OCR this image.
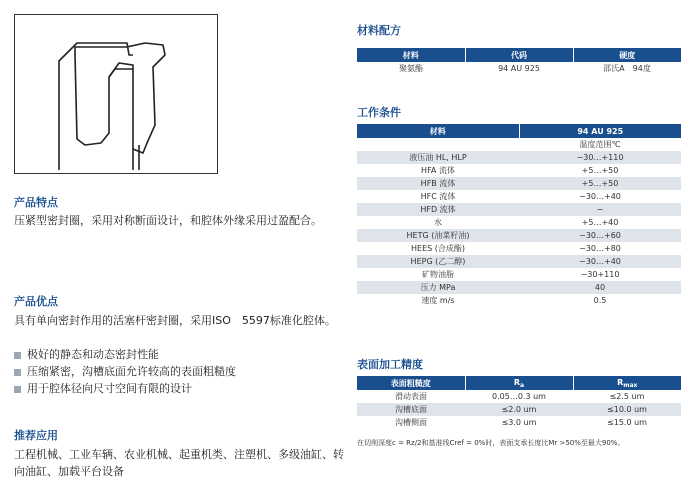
产品特点
压紧型密封圈，采用对称断面设计，和腔体外缘采用过盈配合。
产品优点
具有单向密封作用的活塞杆密封圈，采用ISO　5597标准化腔体。
极好的静态和动态密封性能
压缩紧密，沟槽底面允许较高的表面粗糙度
用于腔体径向尺寸空间有限的设计
推荐应用
工程机械、工业车辆、农业机械、起重机类、注塑机、多级油缸、转向油缸、加载平台设备
材料配方
材料	代码	硬度
聚氨酯	94 AU 925	邵氏A　94度
工作条件
材料	94 AU 925
	温度范围℃
液压油 HL, HLP	−30…+110
HFA 流体	+5…+50
HFB 流体	+5…+50
HFC 流体	−30…+40
HFD 流体	−
水	+5…+40
HETG (油菜籽油)	−30…+60
HEES (合成酯)	−30…+80
HEPG (乙二醇)	−30…+40
矿物油脂	−30+110
压力 MPa	40
速度 m/s	0.5
表面加工精度
表面粗糙度	$R_a$	$R_{max}$
滑动表面	0.05…0.3 um	≤2.5 um
沟槽底面	≤2.0 um	≤10.0 um
沟槽侧面	≤3.0 um	≤15.0 um
在切削深度c = Rz/2和基准线Cref = 0%时，表面支承长度比Mr >50%至最大90%。
